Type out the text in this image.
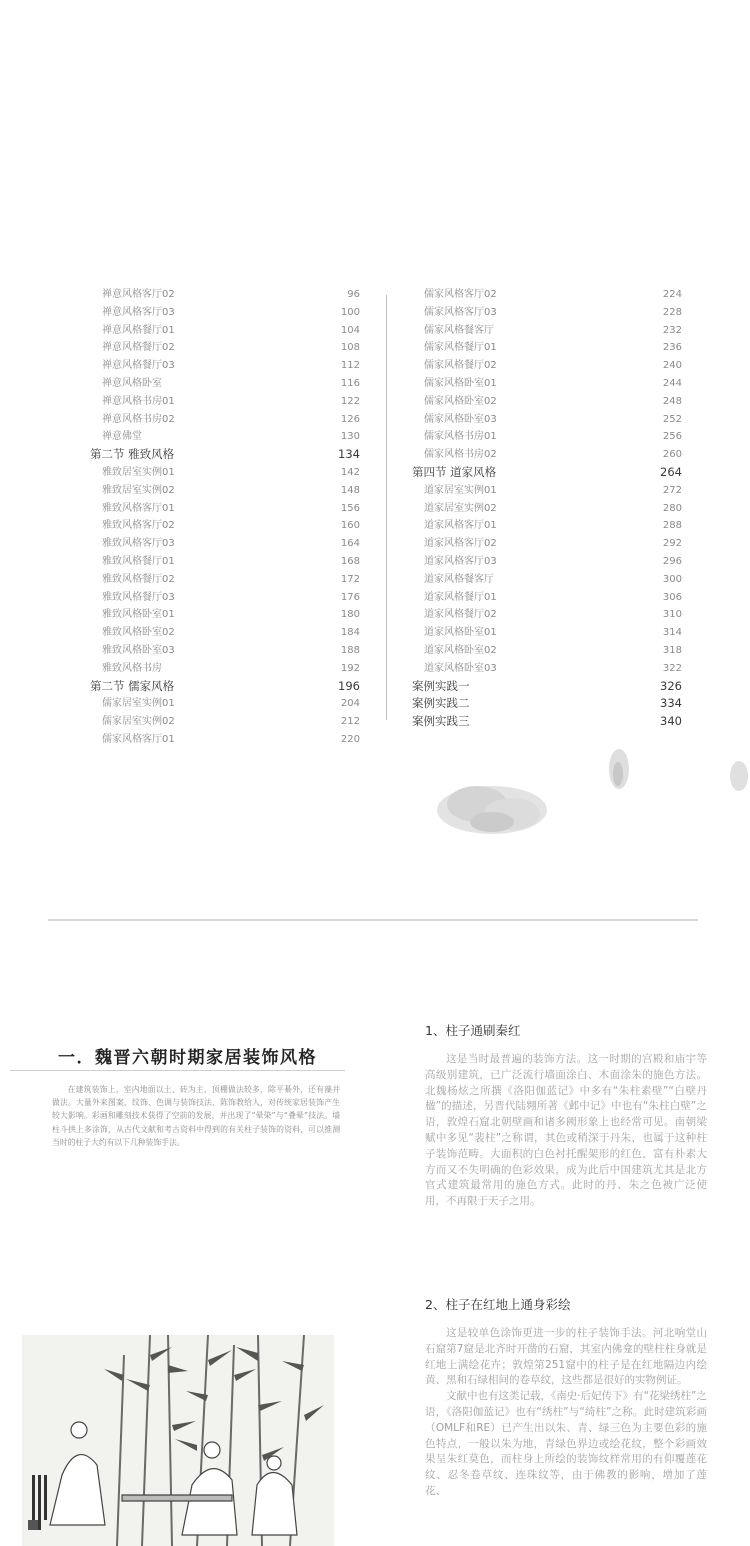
禅意风格客厅02	96
禅意风格客厅03	100
禅意风格餐厅01	104
禅意风格餐厅02	108
禅意风格餐厅03	112
禅意风格卧室	116
禅意风格书房01	122
禅意风格书房02	126
禅意佛堂	130
第二节 雅致风格	134
雅致居室实例01	142
雅致居室实例02	148
雅致风格客厅01	156
雅致风格客厅02	160
雅致风格客厅03	164
雅致风格餐厅01	168
雅致风格餐厅02	172
雅致风格餐厅03	176
雅致风格卧室01	180
雅致风格卧室02	184
雅致风格卧室03	188
雅致风格书房	192
第二节 儒家风格	196
儒家居室实例01	204
儒家居室实例02	212
儒家风格客厅01	220
儒家风格客厅02	224
儒家风格客厅03	228
儒家风格餐客厅	232
儒家风格餐厅01	236
儒家风格餐厅02	240
儒家风格卧室01	244
儒家风格卧室02	248
儒家风格卧室03	252
儒家风格书房01	256
儒家风格书房02	260
第四节 道家风格	264
道家居室实例01	272
道家居室实例02	280
道家风格客厅01	288
道家风格客厅02	292
道家风格客厅03	296
道家风格餐客厅	300
道家风格餐厅01	306
道家风格餐厅02	310
道家风格卧室01	314
道家风格卧室02	318
道家风格卧室03	322
案例实践一	326
案例实践二	334
案例实践三	340
一．魏晋六朝时期家居装饰风格
在建筑装饰上，室内地面以土、砖为主，顶棚做法较多，除平綦外，还有藻井做法。大量外来图案、纹饰、色调与装饰技法、陈饰教给人，对传统家居装饰产生较大影响。彩画和雕刻技术获得了空前的发展，并出现了“晕染”与“叠晕”技法。墙柱斗拱上多涂饰，从古代文献和考古资料中得到的有关柱子装饰的资料，可以推测当时的柱子大约有以下几种装饰手法。
1、柱子通刷秦红

这是当时最普遍的装饰方法。这一时期的宫殿和庙宇等高级别建筑，已广泛流行墙面涂白、木面涂朱的施色方法。北魏杨炫之所撰《洛阳伽蓝记》中多有“朱柱素壁”“白壁丹楹”的描述，另晋代陆翙所著《邺中记》中也有“朱柱白壁”之语，敦煌石窟北朝壁画和诸多阙形象上也经常可见。南朝梁赋中多见“裴柱”之称谓，其色或稍深于丹朱，也属于这种柱子装饰范畴。大面积的白色衬托醒架形的红色，富有朴素大方而又不失明确的色彩效果，成为此后中国建筑尤其是北方官式建筑最常用的施色方式。此时的丹、朱之色被广泛使用，不再限于天子之用。

2、柱子在红地上通身彩绘

这是较单色涂饰更进一步的柱子装饰手法。河北响堂山石窟第7窟是北齐时开凿的石窟，其室内佛龛的壁柱柱身就是红地上满绘花卉；敦煌第251窟中的柱子是在红地隔边内绘黄、黑和石绿相间的卷草纹，这些都是很好的实物例证。

文献中也有这类记载，《南史·后妃传下》有“花梁绣柱”之语，《洛阳伽蓝记》也有“绣柱”与“绮柱”之称。此时建筑彩画（OMLF和RE）已产生出以朱、青、绿三色为主要色彩的施色特点，一般以朱为地，青绿色界边或绘花纹，整个彩画效果呈朱红莫色，而柱身上所绘的装饰纹样常用的有仰覆莲花纹、忍冬卷草纹、连珠纹等，由于佛教的影响，增加了莲花、
